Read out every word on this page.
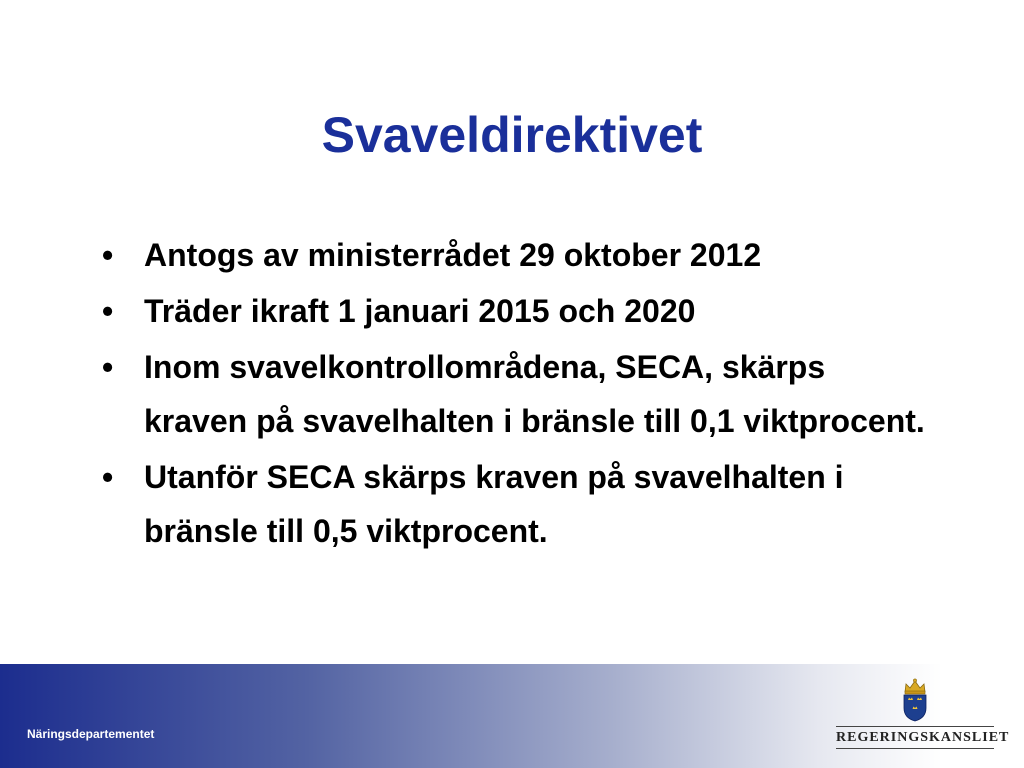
Svaveldirektivet
• Antogs av ministerrådet 29 oktober 2012
• Träder ikraft 1 januari 2015 och 2020
• Inom svavelkontrollområdena, SECA, skärps kraven på svavelhalten i bränsle till 0,1 viktprocent.
• Utanför SECA skärps kraven på svavelhalten i bränsle till 0,5 viktprocent.
Näringsdepartementet	REGERINGSKANSLIET
